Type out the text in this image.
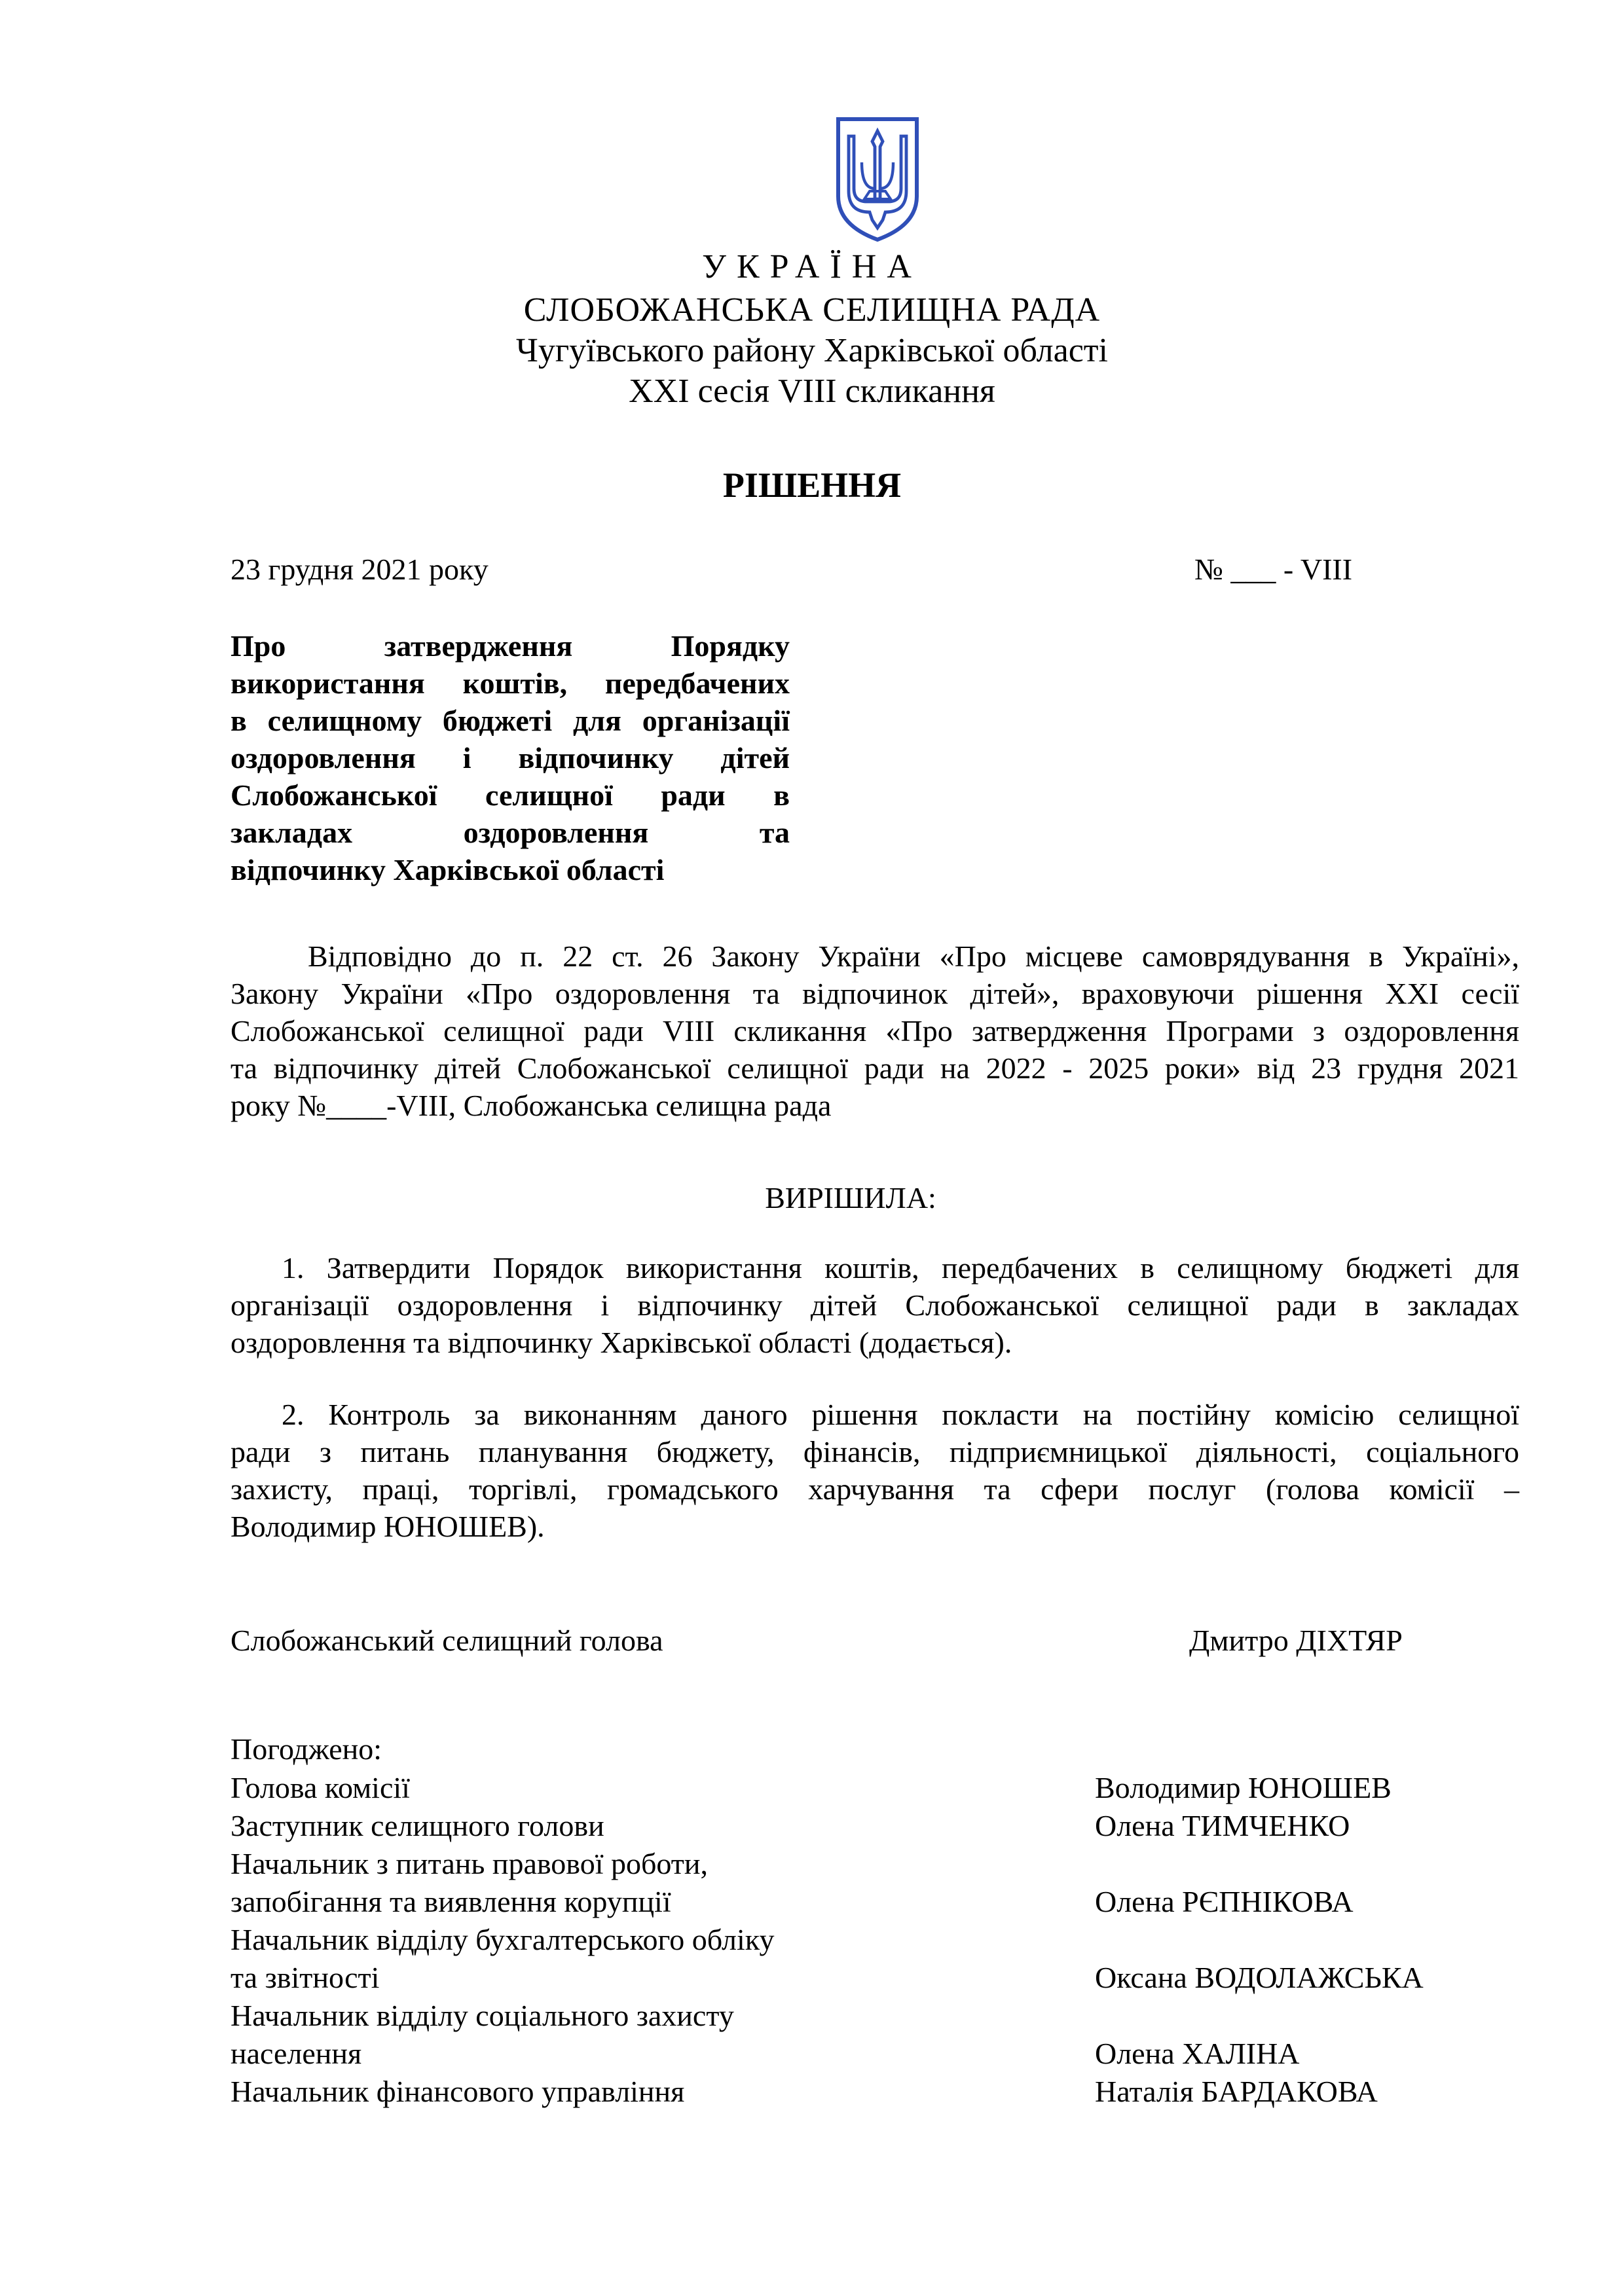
УКРАЇНА
СЛОБОЖАНСЬКА СЕЛИЩНА РАДА
Чугуївського району Харківської області
XXI сесія VIII скликання
РІШЕННЯ
23 грудня 2021 року	№ ___ - VIII
Про затвердження Порядку
використання коштів, передбачених
в селищному бюджеті для організації
оздоровлення і відпочинку дітей
Слобожанської селищної ради в
закладах оздоровлення та
відпочинку Харківської області
Відповідно до п. 22 ст. 26 Закону України «Про місцеве самоврядування в Україні»,
Закону України «Про оздоровлення та відпочинок дітей», враховуючи рішення XXI сесії
Слобожанської селищної ради VIII скликання «Про затвердження Програми з оздоровлення
та відпочинку дітей Слобожанської селищної ради на 2022 - 2025 роки» від 23 грудня 2021
року №____-VIII, Слобожанська селищна рада
ВИРІШИЛА:
1. Затвердити Порядок використання коштів, передбачених в селищному бюджеті для
організації оздоровлення і відпочинку дітей Слобожанської селищної ради в закладах
оздоровлення та відпочинку Харківської області (додається).
2. Контроль за виконанням даного рішення покласти на постійну комісію селищної
ради з питань планування бюджету, фінансів, підприємницької діяльності, соціального
захисту, праці, торгівлі, громадського харчування та сфери послуг (голова комісії –
Володимир ЮНОШЕВ).
Слобожанський селищний голова	Дмитро ДІХТЯР
Погоджено:
Голова комісії	Володимир ЮНОШЕВ
Заступник селищного голови	Олена ТИМЧЕНКО
Начальник з питань правової роботи,
запобігання та виявлення корупції	Олена РЄПНІКОВА
Начальник відділу бухгалтерського обліку
та звітності	Оксана ВОДОЛАЖСЬКА
Начальник відділу соціального захисту
населення	Олена ХАЛІНА
Начальник фінансового управління	Наталія БАРДАКОВА
